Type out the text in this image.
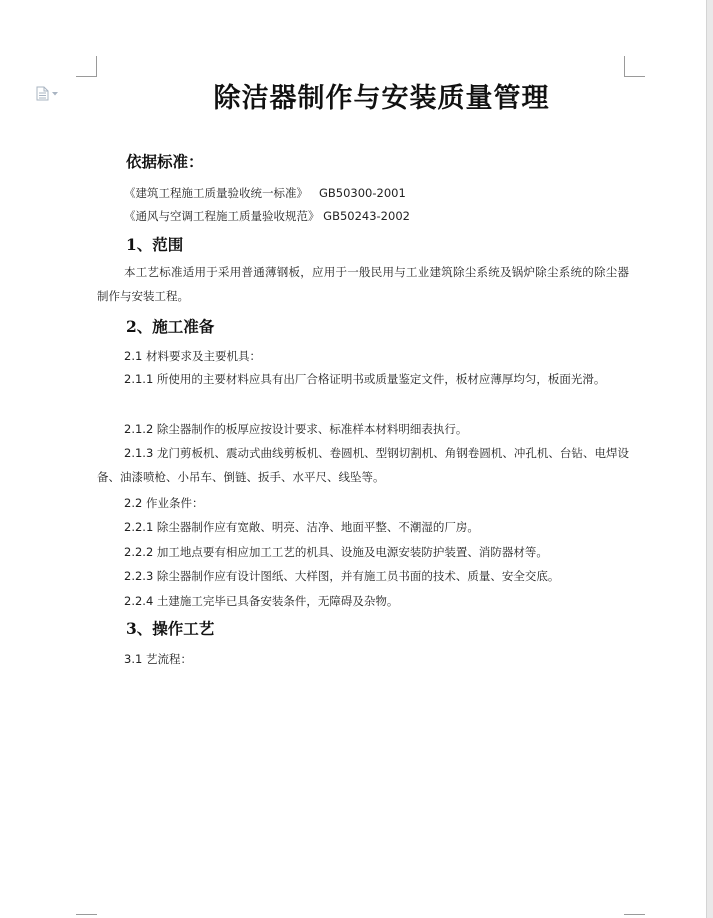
除洁器制作与安装质量管理
依据标准：
《建筑工程施工质量验收统一标准》   GB50300-2001
《通风与空调工程施工质量验收规范》 GB50243-2002
1、范围
本工艺标准适用于采用普通薄钢板，应用于一般民用与工业建筑除尘系统及锅炉除尘系统的除尘器制作与安装工程。
2、施工准备
2.1 材料要求及主要机具：
2.1.1 所使用的主要材料应具有出厂合格证明书或质量鉴定文件，板材应薄厚均匀，板面光滑。
2.1.2 除尘器制作的板厚应按设计要求、标准样本材料明细表执行。
2.1.3 龙门剪板机、震动式曲线剪板机、卷圆机、型钢切割机、角钢卷圆机、冲孔机、台钻、电焊设备、油漆喷枪、小吊车、倒链、扳手、水平尺、线坠等。
2.2 作业条件：
2.2.1 除尘器制作应有宽敞、明亮、洁净、地面平整、不潮湿的厂房。
2.2.2 加工地点要有相应加工工艺的机具、设施及电源安装防护装置、消防器材等。
2.2.3 除尘器制作应有设计图纸、大样图，并有施工员书面的技术、质量、安全交底。
2.2.4 土建施工完毕已具备安装条件，无障碍及杂物。
3、操作工艺
3.1 艺流程：
